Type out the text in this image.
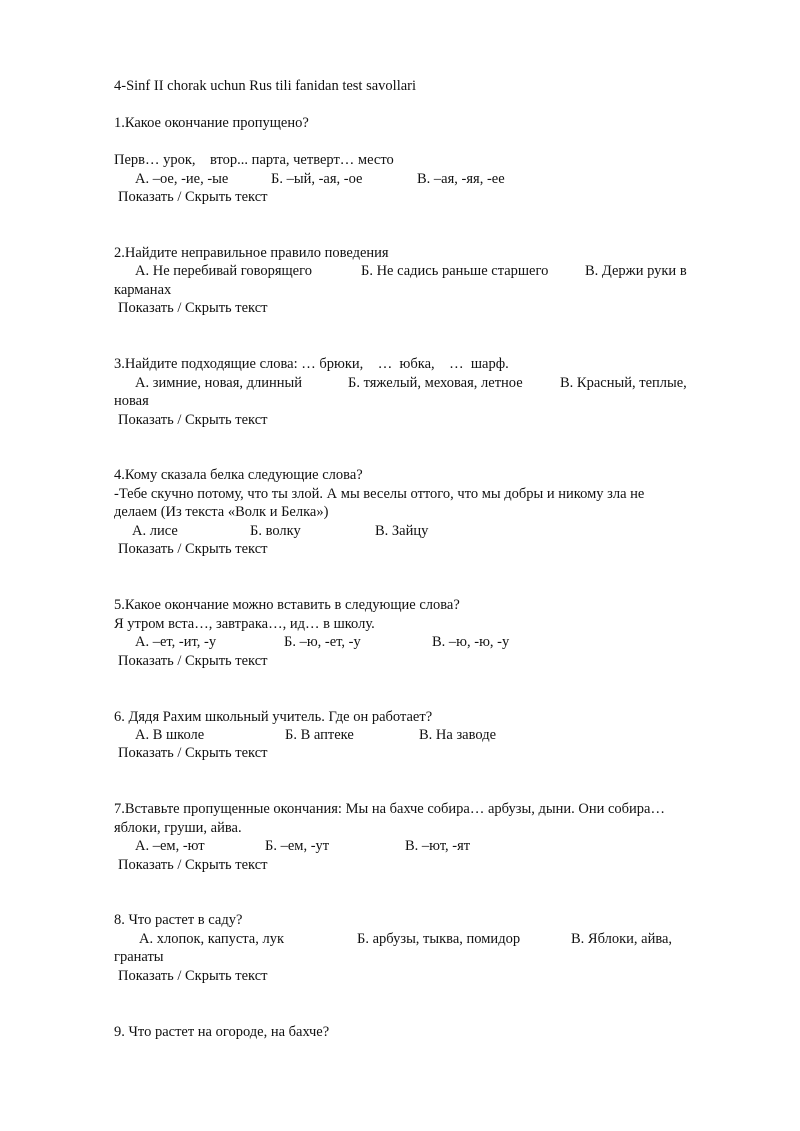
4-Sinf II chorak uchun Rus tili fanidan test savollari
1.Какое окончание пропущено?
Перв… урок,    втор... парта, четверт… место
А. –ое, -ие, -ые	Б. –ый, -ая, -ое	В. –ая, -яя, -ее
Показать / Скрыть текст
2.Найдите неправильное правило поведения
А. Не перебивай говорящего	Б. Не садись раньше старшего	В. Держи руки в
карманах
Показать / Скрыть текст
3.Найдите подходящие слова: … брюки,    …  юбка,    …  шарф.
А. зимние, новая, длинный	Б. тяжелый, меховая, летное	В. Красный, теплые,
новая
Показать / Скрыть текст
4.Кому сказала белка следующие слова?
-Тебе скучно потому, что ты злой. А мы веселы оттого, что мы добры и никому зла не
делаем (Из текста «Волк и Белка»)
А. лисе	Б. волку	В. Зайцу
Показать / Скрыть текст
5.Какое окончание можно вставить в следующие слова?
Я утром вста…, завтрака…, ид… в школу.
А. –ет, -ит, -у	Б. –ю, -ет, -у	В. –ю, -ю, -у
Показать / Скрыть текст
6. Дядя Рахим школьный учитель. Где он работает?
А. В школе	Б. В аптеке	В. На заводе
Показать / Скрыть текст
7.Вставьте пропущенные окончания: Мы на бахче собира… арбузы, дыни. Они собира…
яблоки, груши, айва.
А. –ем, -ют	Б. –ем, -ут	В. –ют, -ят
Показать / Скрыть текст
8. Что растет в саду?
А. хлопок, капуста, лук	Б. арбузы, тыква, помидор	В. Яблоки, айва,
гранаты
Показать / Скрыть текст
9. Что растет на огороде, на бахче?
